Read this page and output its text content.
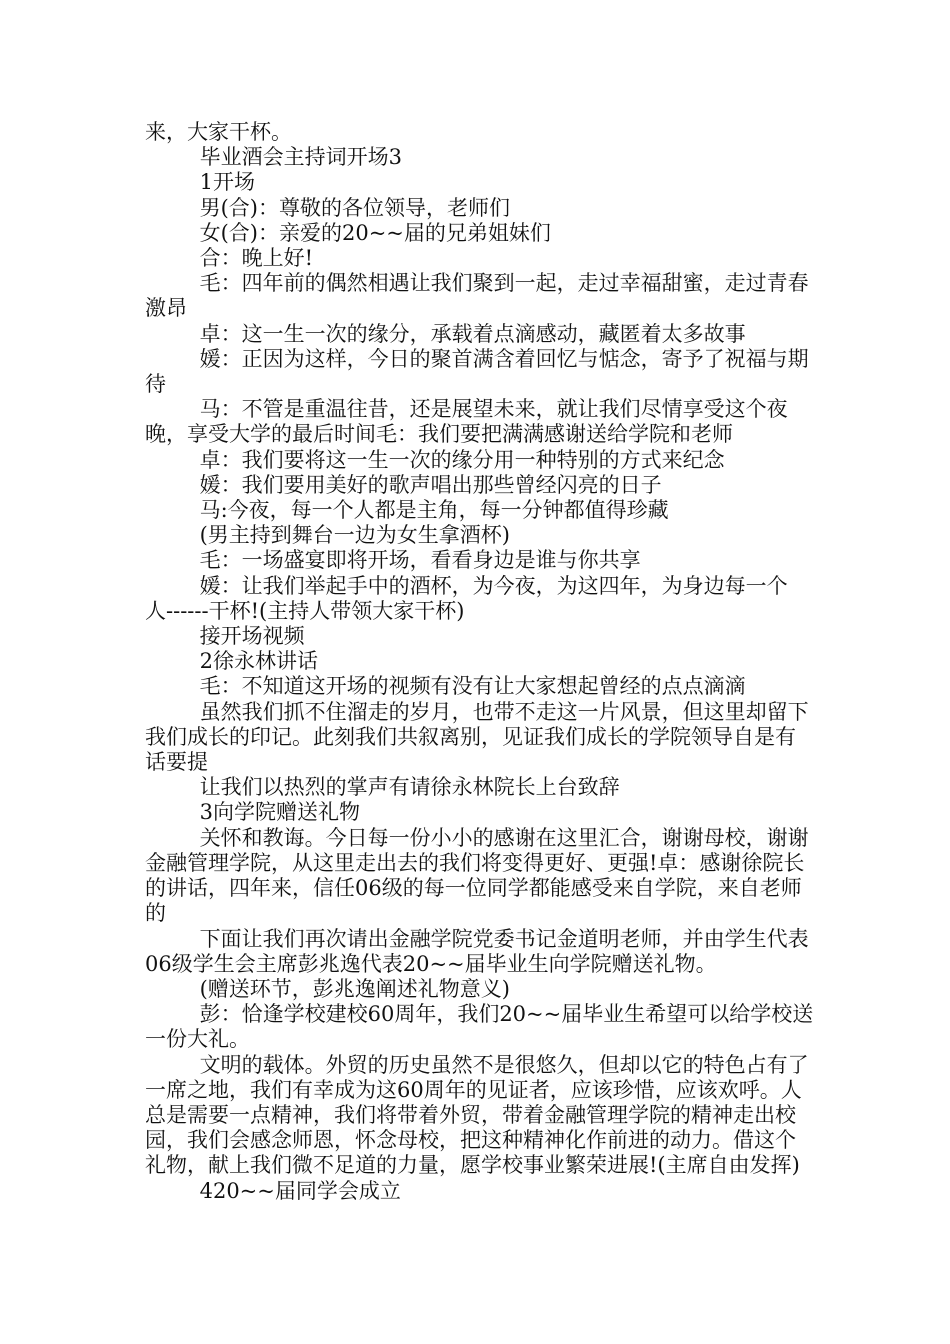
来，大家干杯。

毕业酒会主持词开场3

1开场

男(合)：尊敬的各位领导，老师们

女(合)：亲爱的20~~届的兄弟姐妹们

合：晚上好!

毛：四年前的偶然相遇让我们聚到一起，走过幸福甜蜜，走过青春激昂

卓：这一生一次的缘分，承载着点滴感动，藏匿着太多故事

媛：正因为这样，今日的聚首满含着回忆与惦念，寄予了祝福与期待

马：不管是重温往昔，还是展望未来，就让我们尽情享受这个夜晚，享受大学的最后时间毛：我们要把满满感谢送给学院和老师

卓：我们要将这一生一次的缘分用一种特别的方式来纪念

媛：我们要用美好的歌声唱出那些曾经闪亮的日子

马:今夜，每一个人都是主角，每一分钟都值得珍藏

(男主持到舞台一边为女生拿酒杯)

毛：一场盛宴即将开场，看看身边是谁与你共享

媛：让我们举起手中的酒杯，为今夜，为这四年，为身边每一个人------干杯!(主持人带领大家干杯)

接开场视频

2徐永林讲话

毛：不知道这开场的视频有没有让大家想起曾经的点点滴滴

虽然我们抓不住溜走的岁月，也带不走这一片风景，但这里却留下我们成长的印记。此刻我们共叙离别，见证我们成长的学院领导自是有话要提

让我们以热烈的掌声有请徐永林院长上台致辞

3向学院赠送礼物

关怀和教诲。今日每一份小小的感谢在这里汇合，谢谢母校，谢谢金融管理学院，从这里走出去的我们将变得更好、更强!卓：感谢徐院长的讲话，四年来，信任06级的每一位同学都能感受来自学院，来自老师的

下面让我们再次请出金融学院党委书记金道明老师，并由学生代表06级学生会主席彭兆逸代表20~~届毕业生向学院赠送礼物。

(赠送环节，彭兆逸阐述礼物意义)

彭：恰逢学校建校60周年，我们20~~届毕业生希望可以给学校送一份大礼。

文明的载体。外贸的历史虽然不是很悠久，但却以它的特色占有了一席之地，我们有幸成为这60周年的见证者，应该珍惜，应该欢呼。人总是需要一点精神，我们将带着外贸，带着金融管理学院的精神走出校园，我们会感念师恩，怀念母校，把这种精神化作前进的动力。借这个礼物，献上我们微不足道的力量，愿学校事业繁荣进展!(主席自由发挥)

420~~届同学会成立
